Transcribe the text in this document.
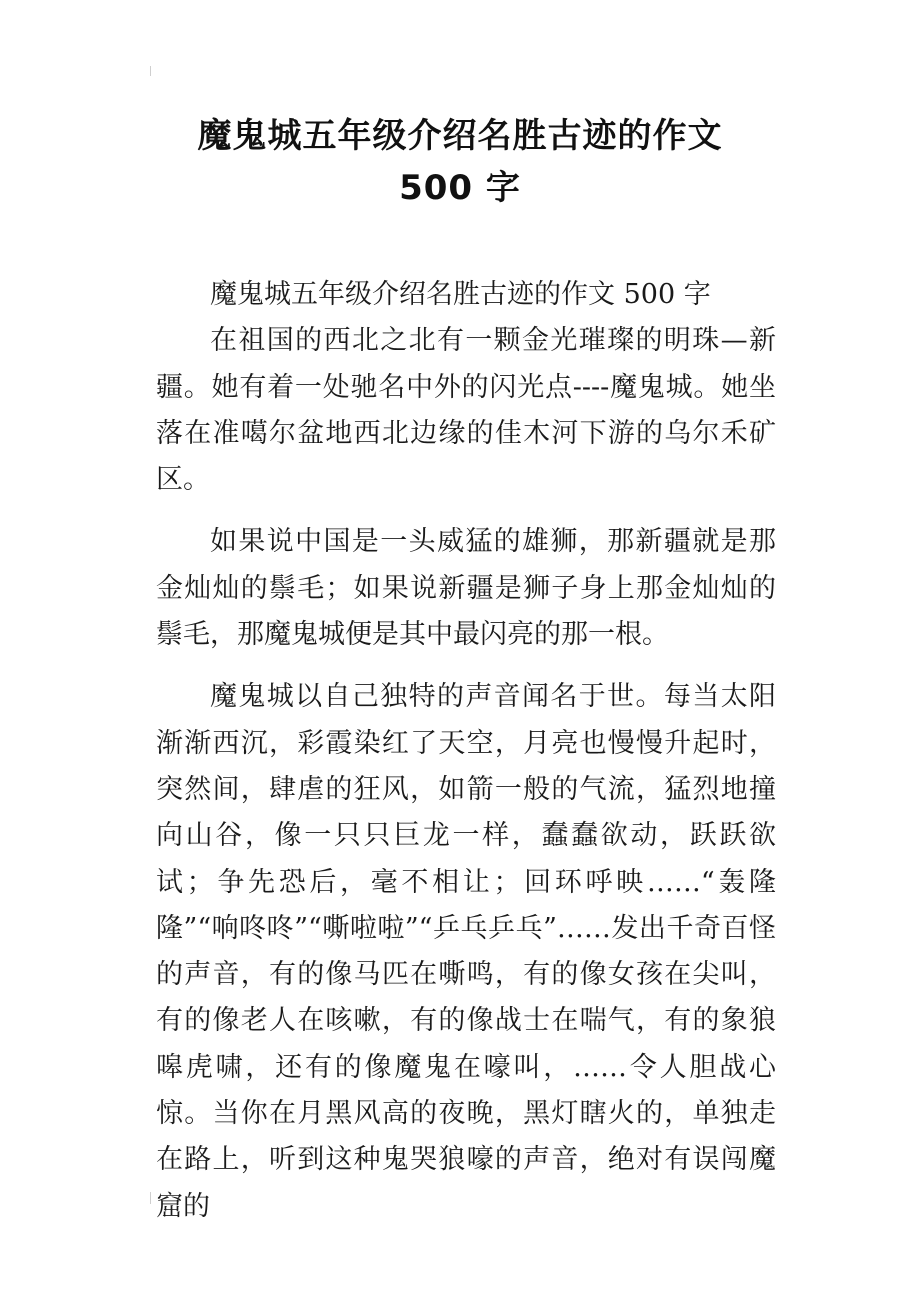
魔鬼城五年级介绍名胜古迹的作文
500 字

魔鬼城五年级介绍名胜古迹的作文 500 字

在祖国的西北之北有一颗金光璀璨的明珠—新疆。她有着一处驰名中外的闪光点----魔鬼城。她坐落在准噶尔盆地西北边缘的佳木河下游的乌尔禾矿区。

如果说中国是一头威猛的雄狮，那新疆就是那金灿灿的鬃毛；如果说新疆是狮子身上那金灿灿的鬃毛，那魔鬼城便是其中最闪亮的那一根。

魔鬼城以自己独特的声音闻名于世。每当太阳渐渐西沉，彩霞染红了天空，月亮也慢慢升起时，突然间，肆虐的狂风，如箭一般的气流，猛烈地撞向山谷，像一只只巨龙一样，蠢蠢欲动，跃跃欲试；争先恐后，毫不相让；回环呼映……“轰隆隆”“响咚咚”“嘶啦啦”“乒乓乒乓”……发出千奇百怪的声音，有的像马匹在嘶鸣，有的像女孩在尖叫，有的像老人在咳嗽，有的像战士在喘气，有的象狼嗥虎啸，还有的像魔鬼在嚎叫，……令人胆战心惊。当你在月黑风高的夜晚，黑灯瞎火的，单独走在路上，听到这种鬼哭狼嚎的声音，绝对有误闯魔窟的
